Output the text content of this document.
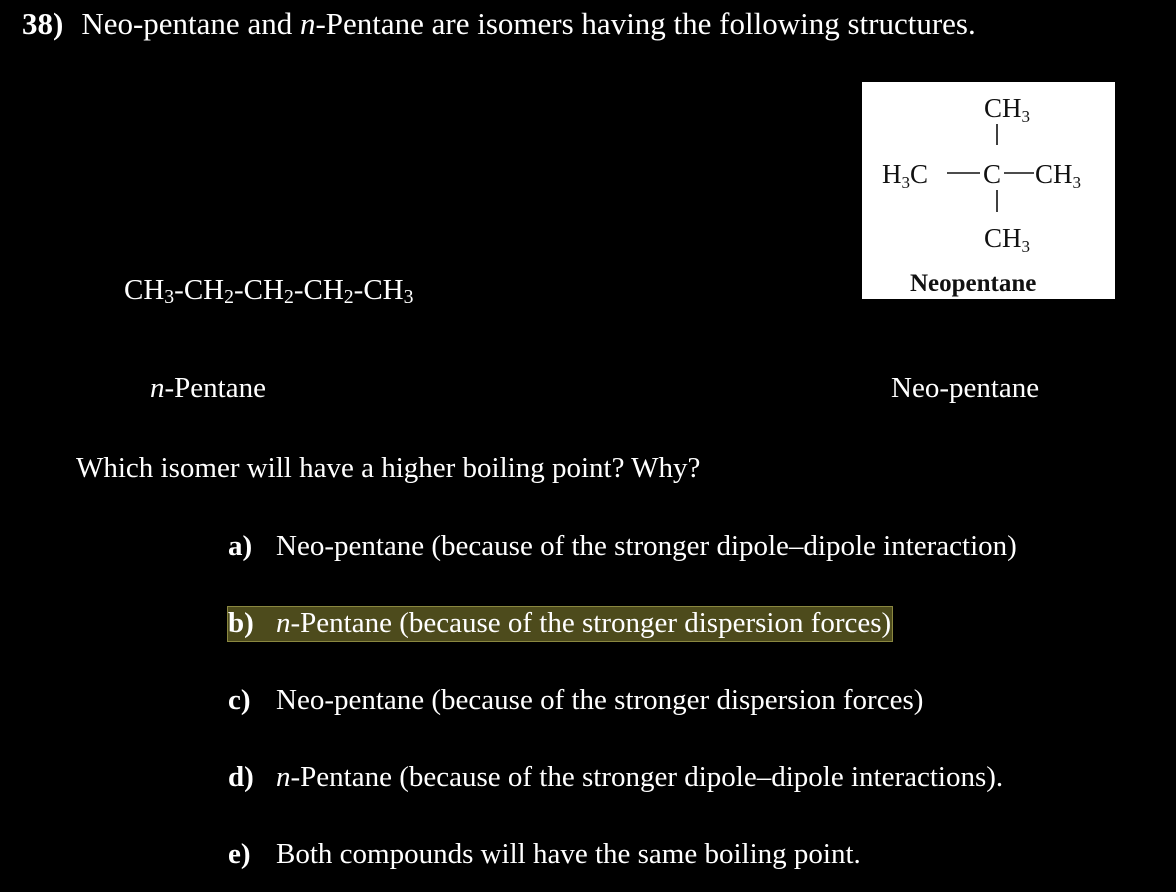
38) Neo-pentane and n-Pentane are isomers having the following structures.
$CH_3-CH_2-CH_2-CH_2-CH_3$
CH3
H3C C CH3
CH3
Neopentane
n-Pentane	Neo-pentane
Which isomer will have a higher boiling point? Why?
a) Neo-pentane (because of the stronger dipole–dipole interaction)
b) n-Pentane (because of the stronger dispersion forces)
c) Neo-pentane (because of the stronger dispersion forces)
d) n-Pentane (because of the stronger dipole–dipole interactions).
e) Both compounds will have the same boiling point.
